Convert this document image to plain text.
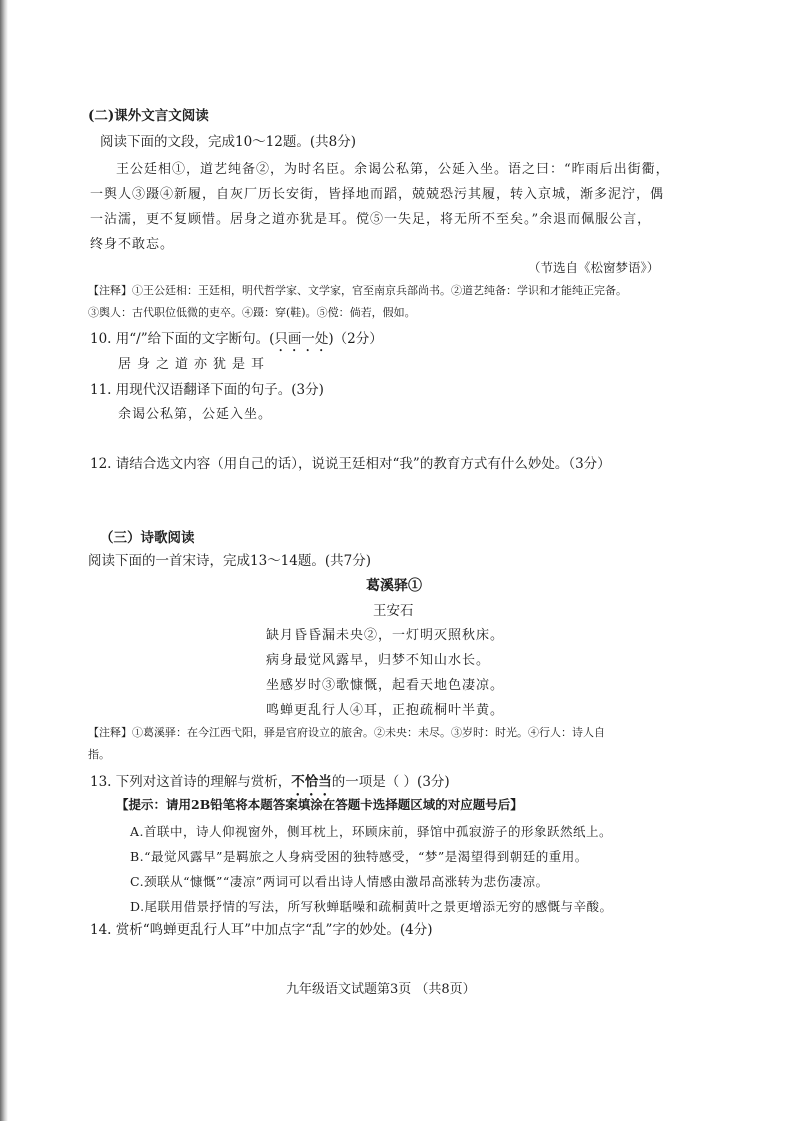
(二)课外文言文阅读
阅读下面的文段，完成10～12题。(共8分)
王公廷相①，道艺纯备②，为时名臣。余谒公私第，公延入坐。语之曰：“昨雨后出街衢，
一舆人③蹑④新履，自灰厂历长安街，皆择地而蹈，兢兢恐污其履，转入京城，渐多泥泞，偶
一沾濡，更不复顾惜。居身之道亦犹是耳。傥⑤一失足，将无所不至矣。”余退而佩服公言，
终身不敢忘。
（节选自《松窗梦语》）
【注释】①王公廷相：王廷相，明代哲学家、文学家，官至南京兵部尚书。②道艺纯备：学识和才能纯正完备。
③舆人：古代职位低微的吏卒。④蹑：穿(鞋)。⑤傥：倘若，假如。
10. 用“/”给下面的文字断句。(只画一处)（2分）
居身之道亦犹是耳
11. 用现代汉语翻译下面的句子。(3分)
余谒公私第，公延入坐。
12. 请结合选文内容（用自己的话），说说王廷相对“我”的教育方式有什么妙处。（3分）
（三）诗歌阅读
阅读下面的一首宋诗，完成13～14题。(共7分)
葛溪驿①
王安石
缺月昏昏漏未央②，一灯明灭照秋床。
病身最觉风露早，归梦不知山水长。
坐感岁时③歌慷慨，起看天地色凄凉。
鸣蝉更乱行人④耳，正抱疏桐叶半黄。
【注释】①葛溪驿：在今江西弋阳，驿是官府设立的旅舍。②未央：未尽。③岁时：时光。④行人：诗人自
指。
13. 下列对这首诗的理解与赏析，不恰当的一项是（ ）(3分)
【提示：请用2B铅笔将本题答案填涂在答题卡选择题区域的对应题号后】
A.首联中，诗人仰视窗外，侧耳枕上，环顾床前，驿馆中孤寂游子的形象跃然纸上。
B.“最觉风露早”是羁旅之人身病受困的独特感受，“梦”是渴望得到朝廷的重用。
C.颈联从“慷慨”“凄凉”两词可以看出诗人情感由激昂高涨转为悲伤凄凉。
D.尾联用借景抒情的写法，所写秋蝉聒噪和疏桐黄叶之景更增添无穷的感慨与辛酸。
14. 赏析“鸣蝉更乱行人耳”中加点字“乱”字的妙处。(4分)
九年级语文试题第3页 （共8页）
